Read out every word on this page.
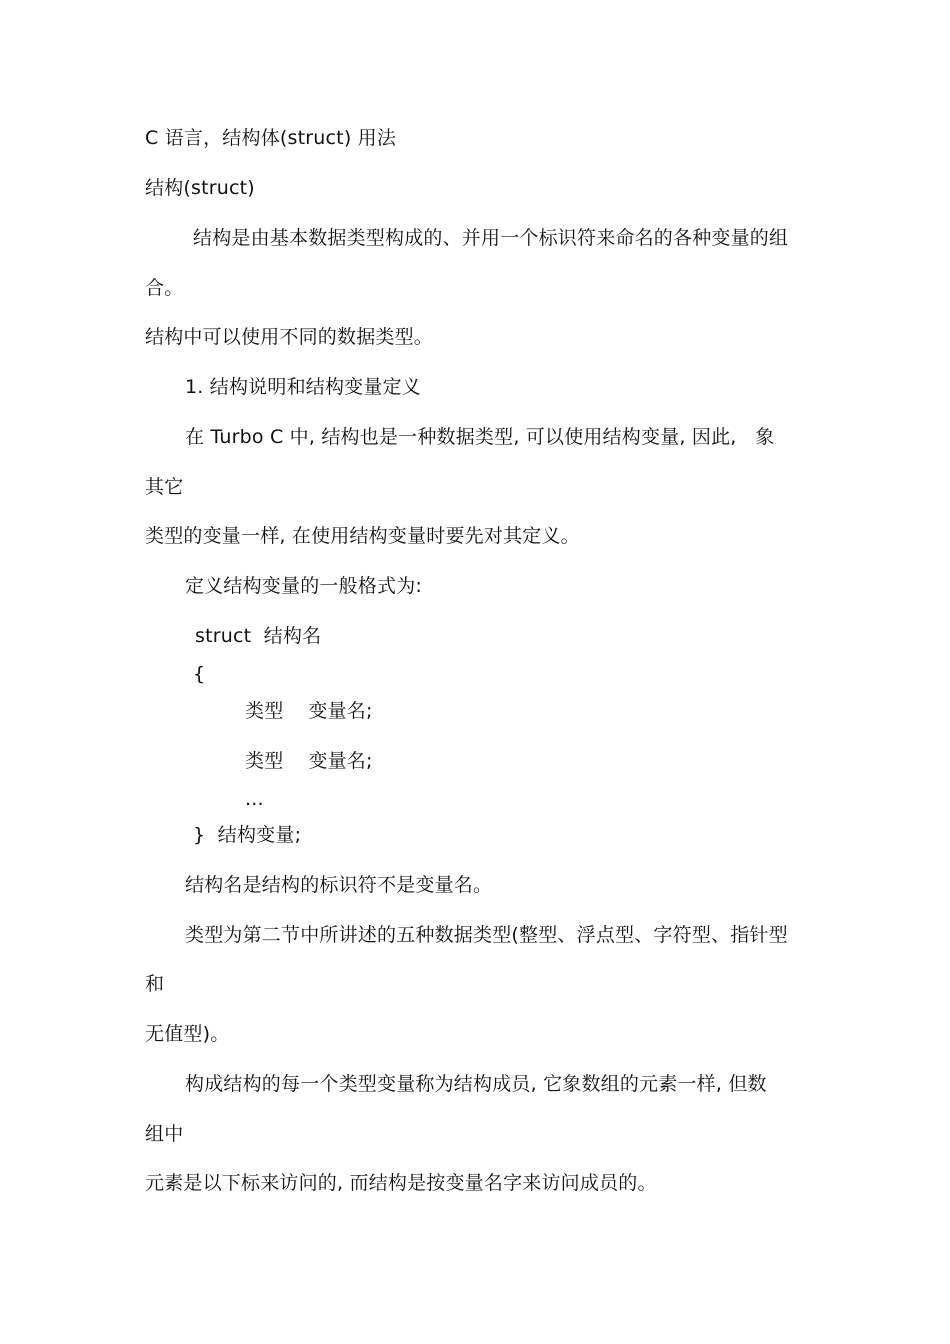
C 语言，结构体(struct) 用法
结构(struct)
结构是由基本数据类型构成的、并用一个标识符来命名的各种变量的组
合。
结构中可以使用不同的数据类型。
1. 结构说明和结构变量定义
在 Turbo C 中, 结构也是一种数据类型, 可以使用结构变量, 因此,   象
其它
类型的变量一样, 在使用结构变量时要先对其定义。
定义结构变量的一般格式为:
struct  结构名
{
类型    变量名;
类型    变量名;
...
}  结构变量;
结构名是结构的标识符不是变量名。
类型为第二节中所讲述的五种数据类型(整型、浮点型、字符型、指针型
和
无值型)。
构成结构的每一个类型变量称为结构成员, 它象数组的元素一样, 但数
组中
元素是以下标来访问的, 而结构是按变量名字来访问成员的。
